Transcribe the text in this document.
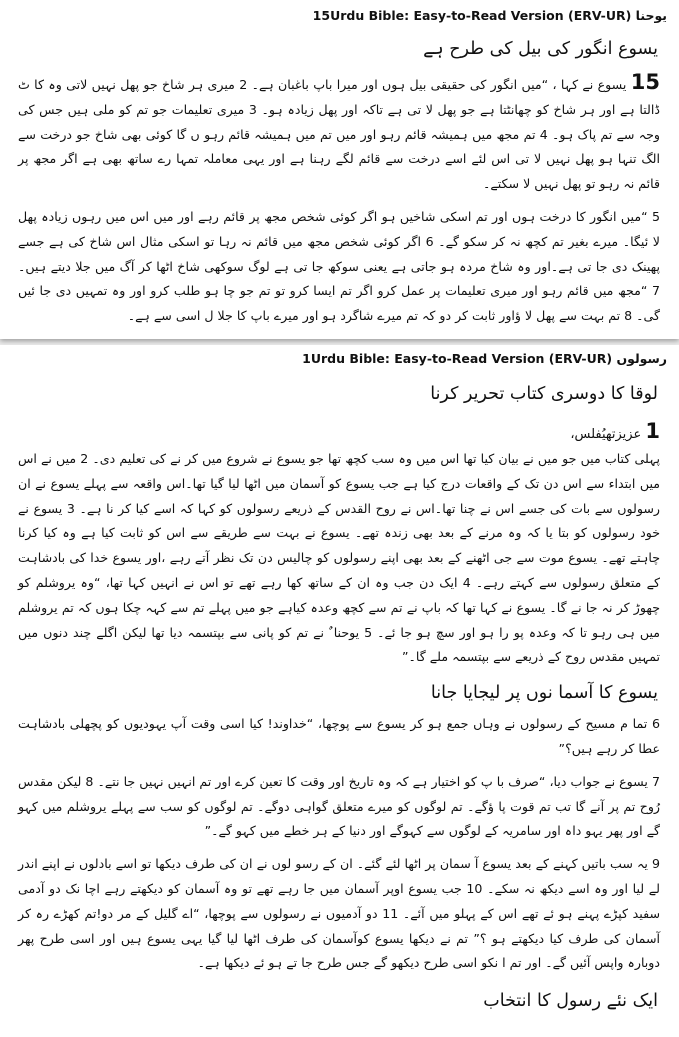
یوحنا 15Urdu Bible: Easy-to-Read Version (ERV-UR)
یسوع انگور کی بیل کی طرح ہے

15 یسوع نے کہا ، “میں انگور کی حقیقی بیل ہوں اور میرا باپ باغبان ہے۔ 2 میری ہر شاخ جو پھل نہیں لاتی وہ کا ٹ ڈالتا ہے اور ہر شاخ کو چھانٹتا ہے جو پھل لا تی ہے تاکہ اور پھل زیادہ ہو۔ 3 میری تعلیمات جو تم کو ملی ہیں جس کی وجہ سے تم پاک ہو۔ 4 تم مجھ میں ہمیشہ قائم رہو اور میں تم میں ہمیشہ قائم رہو ں گا کوئی بھی شاخ جو درخت سے الگ تنہا ہو پھل نہیں لا تی اس لئے اسے درخت سے قائم لگے رہنا ہے اور یہی معاملہ تمہا رے ساتھ بھی ہے اگر مجھ پر قائم نہ رہو تو پھل نہیں لا سکتے۔

5 “میں انگور کا درخت ہوں اور تم اسکی شاخیں ہو اگر کوئی شخص مجھ پر قائم رہے اور میں اس میں رہوں زیادہ پھل لا ئیگا۔ میرے بغیر تم کچھ نہ کر سکو گے۔ 6 اگر کوئی شخص مجھ میں قائم نہ رہا تو اسکی مثال اس شاخ کی ہے جسے پھینک دی جا تی ہے۔اور وہ شاخ مردہ ہو جاتی ہے یعنی سوکھ جا تی ہے لوگ سوکھی شاخ اٹھا کر آگ میں جلا دیتے ہیں۔ 7 “مجھ میں قائم رہو اور میری تعلیمات پر عمل کرو اگر تم ایسا کرو تو تم جو چا ہو طلب کرو اور وہ تمہیں دی جا ئیں گی۔ 8 تم بہت سے پھل لا ؤاور ثابت کر دو کہ تم میرے شاگرد ہو اور میرے باپ کا جلا ل اسی سے ہے۔

رسولوں 1Urdu Bible: Easy-to-Read Version (ERV-UR)
لوقا کا دوسری کتاب تحریر کرنا

1 عزیزتھیُفلس،

پہلی کتاب میں جو میں نے بیان کیا تھا اس میں وہ سب کچھ تھا جو یسوع نے شروع میں کر نے کی تعلیم دی۔ 2 میں نے اس میں ابتداء سے اس دن تک کے واقعات درج کیا ہے جب یسوع کو آسمان میں اٹھا لیا گیا تھا۔اس واقعہ سے پہلے یسوع نے ان رسولوں سے بات کی جسے اس نے چنا تھا۔اس نے روح القدس کے ذریعے رسولوں کو کہا کہ اسے کیا کر نا ہے۔ 3 یسوع نے خود رسولوں کو بتا یا کہ وہ مرنے کے بعد بھی زندہ تھے۔ یسوع نے بہت سے طریقے سے اس کو ثابت کیا ہے وہ کیا کرنا چاہتے تھے۔ یسوع موت سے جی اٹھنے کے بعد بھی اپنے رسولوں کو چالیس دن تک نظر آتے رہے ،اور یسوع خدا کی بادشاہت کے متعلق رسولوں سے کہتے رہے۔ 4 ایک دن جب وہ ان کے ساتھ کھا رہے تھے تو اس نے انہیں کہا تھا، “وہ یروشلم کو چھوڑ کر نہ جا نے گا۔ یسوع نے کہا تھا کہ باپ نے تم سے کچھ وعدہ کیاہے جو میں پہلے تم سے کہہ چکا ہوں کہ تم یروشلم میں ہی رہو تا کہ وعدہ پو را ہو اور سچ ہو جا ئے۔ 5 یوحنا ٌ نے تم کو پانی سے بپتسمہ دیا تھا لیکن اگلے چند دنوں میں تمہیں مقدس روح کے ذریعے سے بپتسمہ ملے گا۔”

یسوع کا آسما نوں پر لیجایا جانا

6 تما م مسیح کے رسولوں نے وہاں جمع ہو کر یسوع سے پوچھا، “خداوند! کیا اسی وقت آپ یہودیوں کو پچھلی بادشاہت عطا کر رہے ہیں؟”

7 یسوع نے جواب دیا، “صرف با پ کو اختیار ہے کہ وہ تاریخ اور وقت کا تعین کرے اور تم انہیں نہیں جا نتے۔ 8 لیکن مقدس رُوح تم پر آنے گا تب تم قوت پا ؤگے۔ تم لوگوں کو میرے متعلق گواہی دوگے۔ تم لوگوں کو سب سے پہلے یروشلم میں کہو گے اور پھر یہو داہ اور سامریہ کے لوگوں سے کہوگے اور دنیا کے ہر خطے میں کہو گے۔”

9 یہ سب باتیں کہنے کے بعد یسوع آ سمان پر اٹھا لئے گئے۔ ان کے رسو لوں نے ان کی طرف دیکھا تو اسے بادلوں نے اپنے اندر لے لیا اور وہ اسے دیکھ نہ سکے۔ 10 جب یسوع اوپر آسمان میں جا رہے تھے تو وہ آسمان کو دیکھتے رہے اچا نک دو آدمی سفید کپڑے پہنے ہو ئے تھے اس کے پہلو میں آئے۔ 11 دو آدمیوں نے رسولوں سے پوچھا، “اے گلیل کے مر دو!تم کھڑے رہ کر آسمان کی طرف کیا دیکھتے ہو ؟” تم نے دیکھا یسوع کوآسمان کی طرف اٹھا لیا گیا یہی یسوع ہیں اور اسی طرح پھر دوبارہ واپس آئیں گے۔ اور تم ا نکو اسی طرح دیکھو گے جس طرح جا تے ہو ئے دیکھا ہے۔

ایک نئے رسول کا انتخاب
